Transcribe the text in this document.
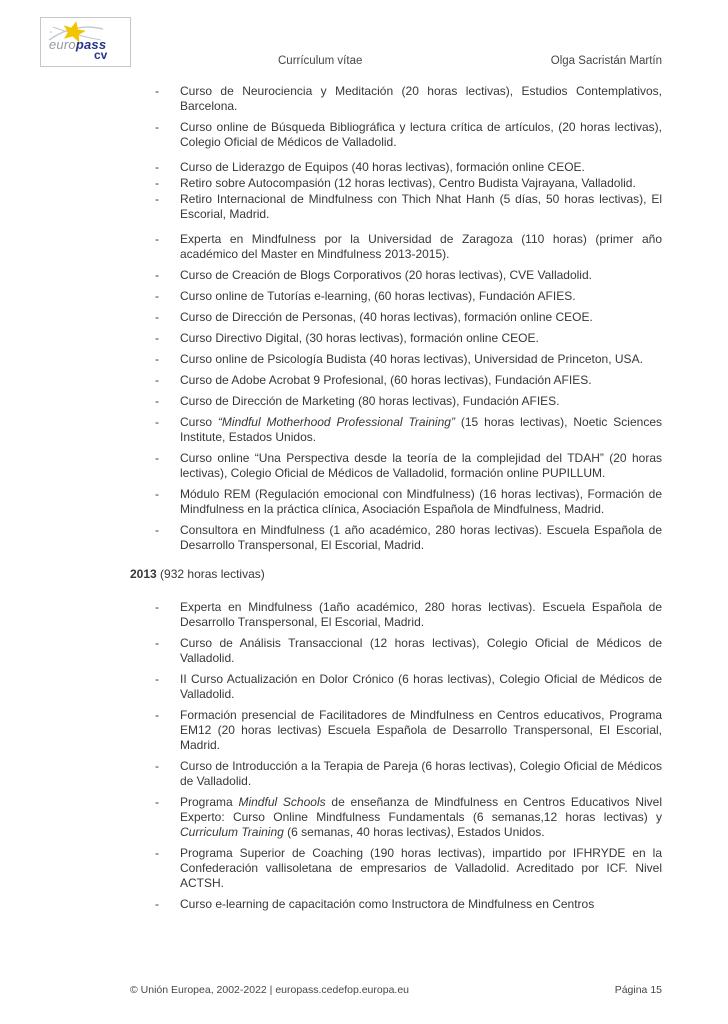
europass
cv	Currículum vítae	Olga Sacristán Martín
-	Curso de Neurociencia y Meditación (20 horas lectivas), Estudios Contemplativos, Barcelona.
-	Curso online de Búsqueda Bibliográfica y lectura crítica de artículos, (20 horas lectivas), Colegio Oficial de Médicos de Valladolid.
-	Curso de Liderazgo de Equipos (40 horas lectivas), formación online CEOE.
-	Retiro sobre Autocompasión (12 horas lectivas), Centro Budista Vajrayana, Valladolid.
-	Retiro Internacional de Mindfulness con Thich Nhat Hanh (5 días, 50 horas lectivas), El Escorial, Madrid.
-	Experta en Mindfulness por la Universidad de Zaragoza (110 horas) (primer año académico del Master en Mindfulness 2013-2015).
-	Curso de Creación de Blogs Corporativos (20 horas lectivas), CVE Valladolid.
-	Curso online de Tutorías e-learning, (60 horas lectivas), Fundación AFIES.
-	Curso de Dirección de Personas, (40 horas lectivas), formación online CEOE.
-	Curso Directivo Digital, (30 horas lectivas), formación online CEOE.
-	Curso online de Psicología Budista (40 horas lectivas), Universidad de Princeton, USA.
-	Curso de Adobe Acrobat 9 Profesional, (60 horas lectivas), Fundación AFIES.
-	Curso de Dirección de Marketing (80 horas lectivas), Fundación AFIES.
-	Curso “Mindful Motherhood Professional Training” (15 horas lectivas), Noetic Sciences Institute, Estados Unidos.
-	Curso online “Una Perspectiva desde la teoría de la complejidad del TDAH” (20 horas lectivas), Colegio Oficial de Médicos de Valladolid, formación online PUPILLUM.
-	Módulo REM (Regulación emocional con Mindfulness) (16 horas lectivas), Formación de Mindfulness en la práctica clínica, Asociación Española de Mindfulness, Madrid.
-	Consultora en Mindfulness (1 año académico, 280 horas lectivas). Escuela Española de Desarrollo Transpersonal, El Escorial, Madrid.
2013 (932 horas lectivas)
-	Experta en Mindfulness (1año académico, 280 horas lectivas). Escuela Española de Desarrollo Transpersonal, El Escorial, Madrid.
-	Curso de Análisis Transaccional (12 horas lectivas), Colegio Oficial de Médicos de Valladolid.
-	II Curso Actualización en Dolor Crónico (6 horas lectivas), Colegio Oficial de Médicos de Valladolid.
-	Formación presencial de Facilitadores de Mindfulness en Centros educativos, Programa EM12 (20 horas lectivas) Escuela Española de Desarrollo Transpersonal, El Escorial, Madrid.
-	Curso de Introducción a la Terapia de Pareja (6 horas lectivas), Colegio Oficial de Médicos de Valladolid.
-	Programa Mindful Schools de enseñanza de Mindfulness en Centros Educativos Nivel Experto: Curso Online Mindfulness Fundamentals (6 semanas,12 horas lectivas) y Curriculum Training (6 semanas, 40 horas lectivas), Estados Unidos.
-	Programa Superior de Coaching (190 horas lectivas), impartido por IFHRYDE en la Confederación vallisoletana de empresarios de Valladolid. Acreditado por ICF. Nivel ACTSH.
-	Curso e-learning de capacitación como Instructora de Mindfulness en Centros
© Unión Europea, 2002-2022 | europass.cedefop.europa.eu	Página 15
